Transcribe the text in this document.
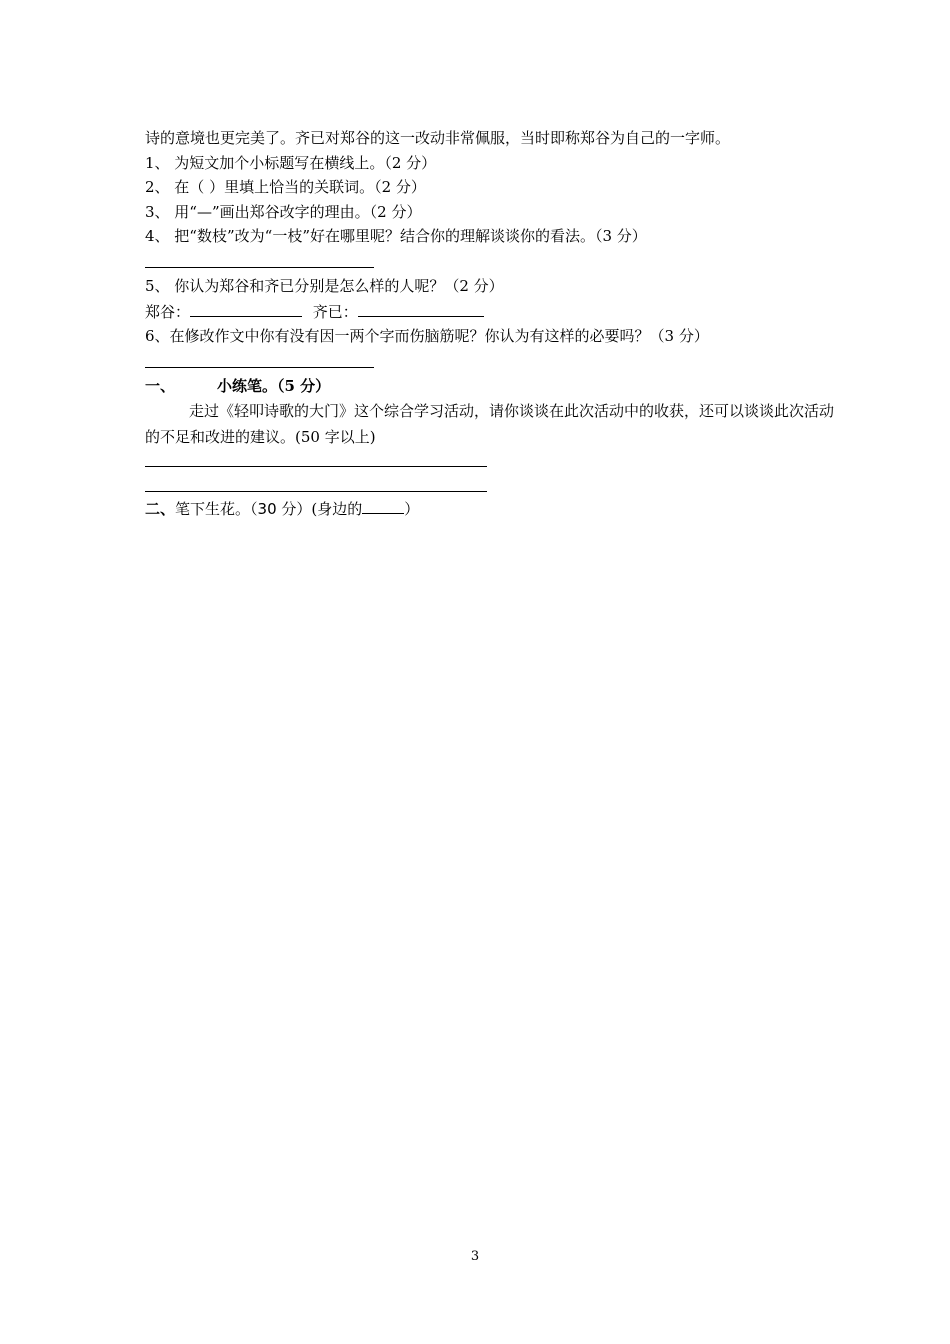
诗的意境也更完美了。齐已对郑谷的这一改动非常佩服，当时即称郑谷为自己的一字师。
1、 为短文加个小标题写在横线上。（2 分）
2、 在（ ）里填上恰当的关联词。（2 分）
3、 用“—”画出郑谷改字的理由。（2 分）
4、 把“数枝”改为“一枝”好在哪里呢？结合你的理解谈谈你的看法。（3 分）
5、 你认为郑谷和齐已分别是怎么样的人呢？（2 分）
郑谷：	齐已：
6、在修改作文中你有没有因一两个字而伤脑筋呢？你认为有这样的必要吗？（3 分）
一、	小练笔。（5 分）
走过《轻叩诗歌的大门》这个综合学习活动，请你谈谈在此次活动中的收获，还可以谈谈此次活动的不足和改进的建议。(50 字以上)
二、笔下生花。（30 分）(身边的	）
3
